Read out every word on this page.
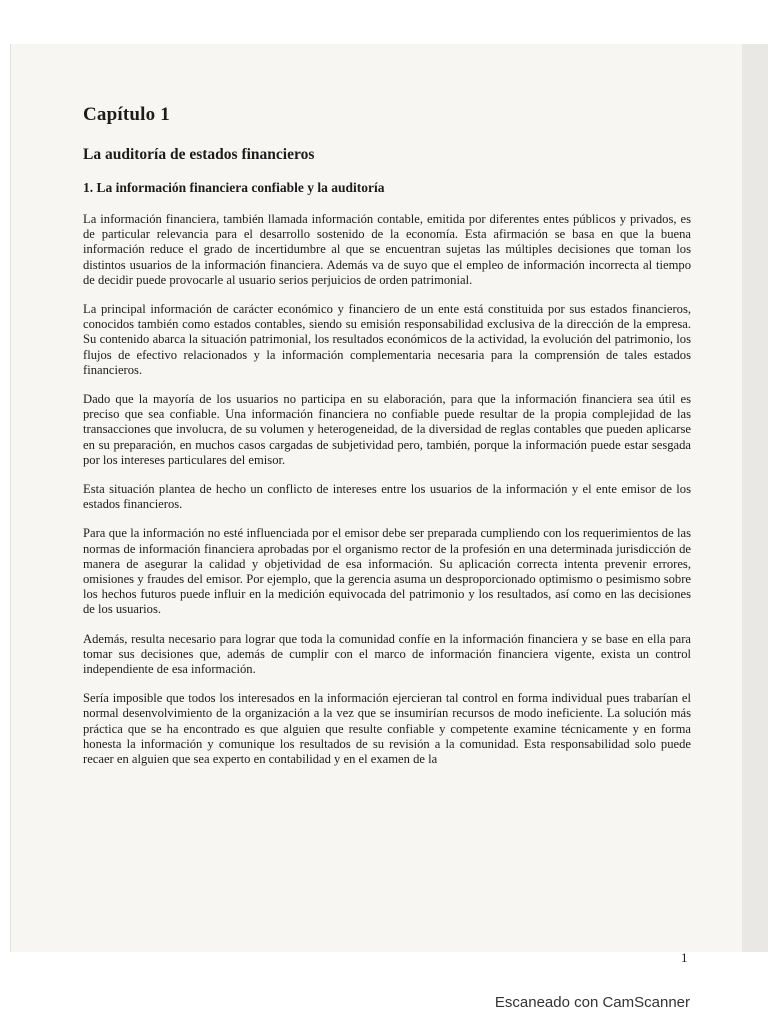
Capítulo 1
La auditoría de estados financieros
1. La información financiera confiable y la auditoría

La información financiera, también llamada información contable, emitida por diferentes entes públicos y privados, es de particular relevancia para el desarrollo sostenido de la economía. Esta afirmación se basa en que la buena información reduce el grado de incertidumbre al que se encuentran sujetas las múltiples decisiones que toman los distintos usuarios de la información financiera. Además va de suyo que el empleo de información incorrecta al tiempo de decidir puede provocarle al usuario serios perjuicios de orden patrimonial.

La principal información de carácter económico y financiero de un ente está constituida por sus estados financieros, conocidos también como estados contables, siendo su emisión responsabilidad exclusiva de la dirección de la empresa. Su contenido abarca la situación patrimonial, los resultados económicos de la actividad, la evolución del patrimonio, los flujos de efectivo relacionados y la información complementaria necesaria para la comprensión de tales estados financieros.

Dado que la mayoría de los usuarios no participa en su elaboración, para que la información financiera sea útil es preciso que sea confiable. Una información financiera no confiable puede resultar de la propia complejidad de las transacciones que involucra, de su volumen y heterogeneidad, de la diversidad de reglas contables que pueden aplicarse en su preparación, en muchos casos cargadas de subjetividad pero, también, porque la información puede estar sesgada por los intereses particulares del emisor.

Esta situación plantea de hecho un conflicto de intereses entre los usuarios de la información y el ente emisor de los estados financieros.

Para que la información no esté influenciada por el emisor debe ser preparada cumpliendo con los requerimientos de las normas de información financiera aprobadas por el organismo rector de la profesión en una determinada jurisdicción de manera de asegurar la calidad y objetividad de esa información. Su aplicación correcta intenta prevenir errores, omisiones y fraudes del emisor. Por ejemplo, que la gerencia asuma un desproporcionado optimismo o pesimismo sobre los hechos futuros puede influir en la medición equivocada del patrimonio y los resultados, así como en las decisiones de los usuarios.

Además, resulta necesario para lograr que toda la comunidad confíe en la información financiera y se base en ella para tomar sus decisiones que, además de cumplir con el marco de información financiera vigente, exista un control independiente de esa información.

Sería imposible que todos los interesados en la información ejercieran tal control en forma individual pues trabarían el normal desenvolvimiento de la organización a la vez que se insumirían recursos de modo ineficiente. La solución más práctica que se ha encontrado es que alguien que resulte confiable y competente examine técnicamente y en forma honesta la información y comunique los resultados de su revisión a la comunidad. Esta responsabilidad solo puede recaer en alguien que sea experto en contabilidad y en el examen de la

1
Escaneado con CamScanner
